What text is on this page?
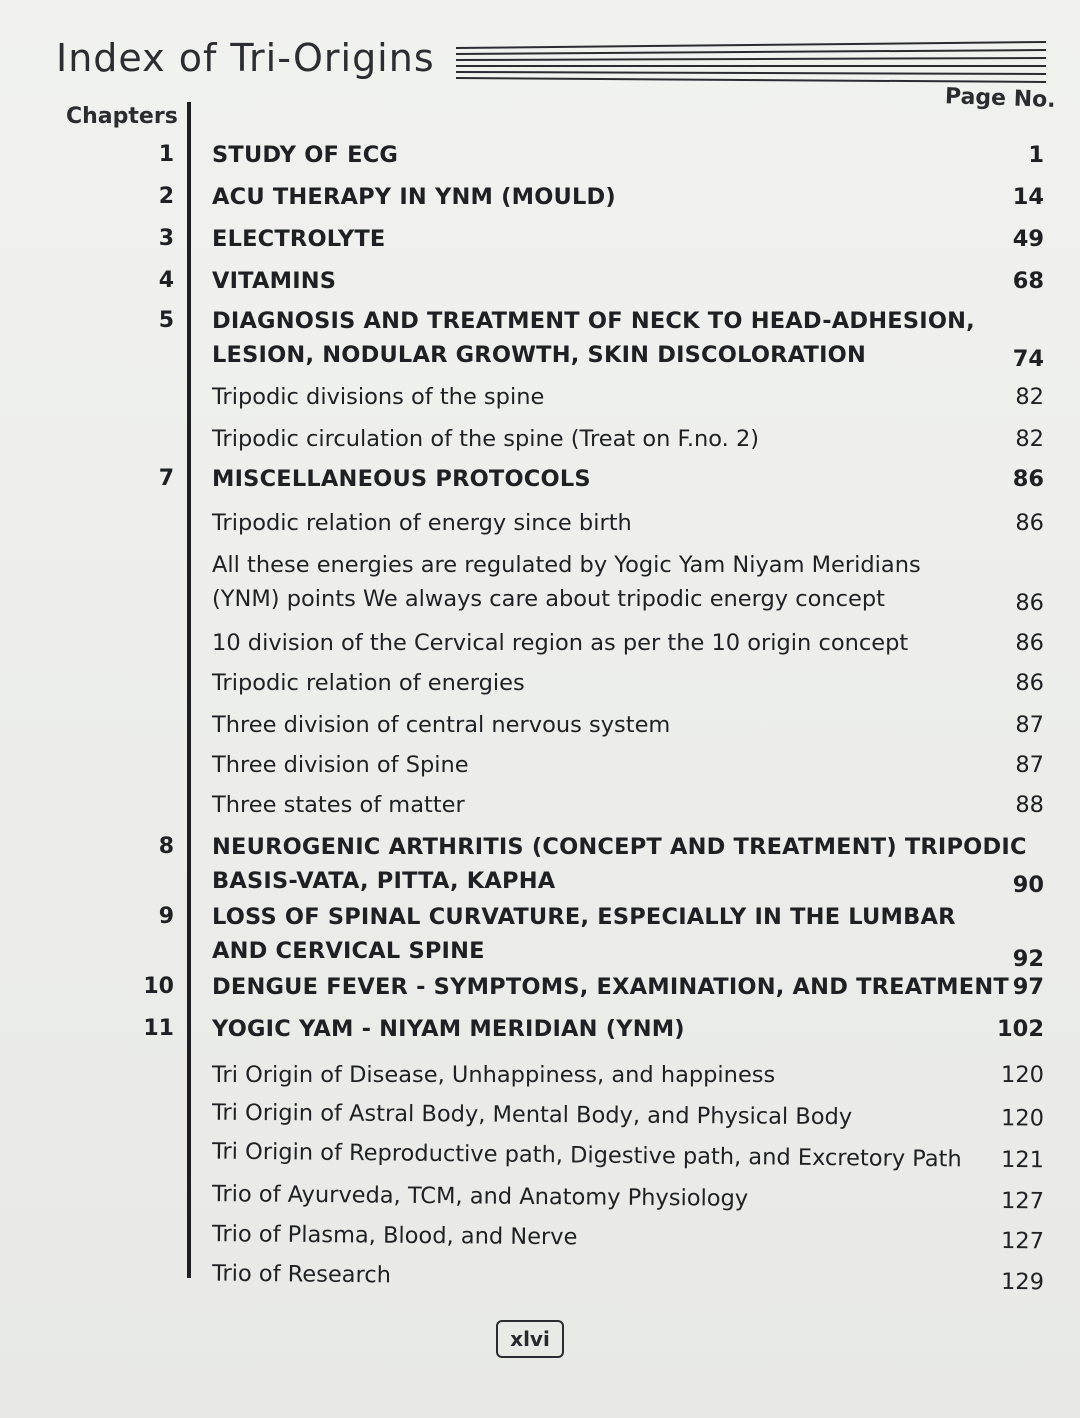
Index of Tri-Origins
Chapters
Page No.
1 STUDY OF ECG	1
2 ACU THERAPY IN YNM (MOULD)	14
3 ELECTROLYTE	49
4 VITAMINS	68
5 DIAGNOSIS AND TREATMENT OF NECK TO HEAD-ADHESION,
LESION, NODULAR GROWTH, SKIN DISCOLORATION	74
Tripodic divisions of the spine	82
Tripodic circulation of the spine (Treat on F.no. 2)	82
7 MISCELLANEOUS PROTOCOLS	86
Tripodic relation of energy since birth	86
All these energies are regulated by Yogic Yam Niyam Meridians
(YNM) points We always care about tripodic energy concept	86
10 division of the Cervical region as per the 10 origin concept	86
Tripodic relation of energies	86
Three division of central nervous system	87
Three division of Spine	87
Three states of matter	88
8 NEUROGENIC ARTHRITIS (CONCEPT AND TREATMENT) TRIPODIC
BASIS-VATA, PITTA, KAPHA	90
9 LOSS OF SPINAL CURVATURE, ESPECIALLY IN THE LUMBAR
AND CERVICAL SPINE	92
10 DENGUE FEVER - SYMPTOMS, EXAMINATION, AND TREATMENT 97
11 YOGIC YAM - NIYAM MERIDIAN (YNM)	102
Tri Origin of Disease, Unhappiness, and happiness	120
Tri Origin of Astral Body, Mental Body, and Physical Body	120
Tri Origin of Reproductive path, Digestive path, and Excretory Path	121
Trio of Ayurveda, TCM, and Anatomy Physiology	127
Trio of Plasma, Blood, and Nerve	127
Trio of Research	129
xlvi
